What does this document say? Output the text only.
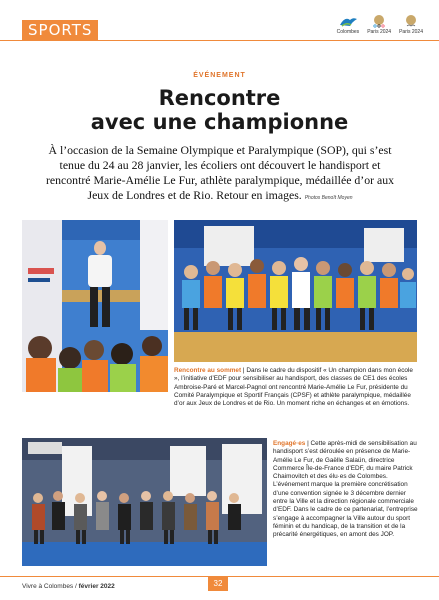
SPORTS	Colombes Paris 2024 Paris 2024
ÉVÉNEMENT
Rencontre
avec une championne
À l’occasion de la Semaine Olympique et Paralympique (SOP), qui s’est tenue du 24 au 28 janvier, les écoliers ont découvert le handisport et rencontré Marie-Amélie Le Fur, athlète paralympique, médaillée d’or aux Jeux de Londres et de Rio. Retour en images. Photos Benoît Moyen
Rencontre au sommet | Dans le cadre du dispositif « Un champion dans mon école », l’initiative d’EDF pour sensibiliser au handisport, des classes de CE1 des écoles Ambroise-Paré et Marcel-Pagnol ont rencontré Marie-Amélie Le Fur, présidente du Comité Paralympique et Sportif Français (CPSF) et athlète paralympique, médaillée d’or aux Jeux de Londres et de Rio. Un moment riche en échanges et en émotions.
Engagé·es | Cette après-midi de sensibilisation au handisport s’est déroulée en présence de Marie-Amélie Le Fur, de Gaëlle Salaün, directrice Commerce Île-de-France d’EDF, du maire Patrick Chaimovitch et des élu·es de Colombes. L’événement marque la première concrétisation d’une convention signée le 3 décembre dernier entre la Ville et la direction régionale commerciale d’EDF. Dans le cadre de ce partenariat, l’entreprise s’engage à accompagner la Ville autour du sport féminin et du handicap, de la transition et de la précarité énergétiques, en amont des JOP.
Vivre à Colombes / février 2022	32
